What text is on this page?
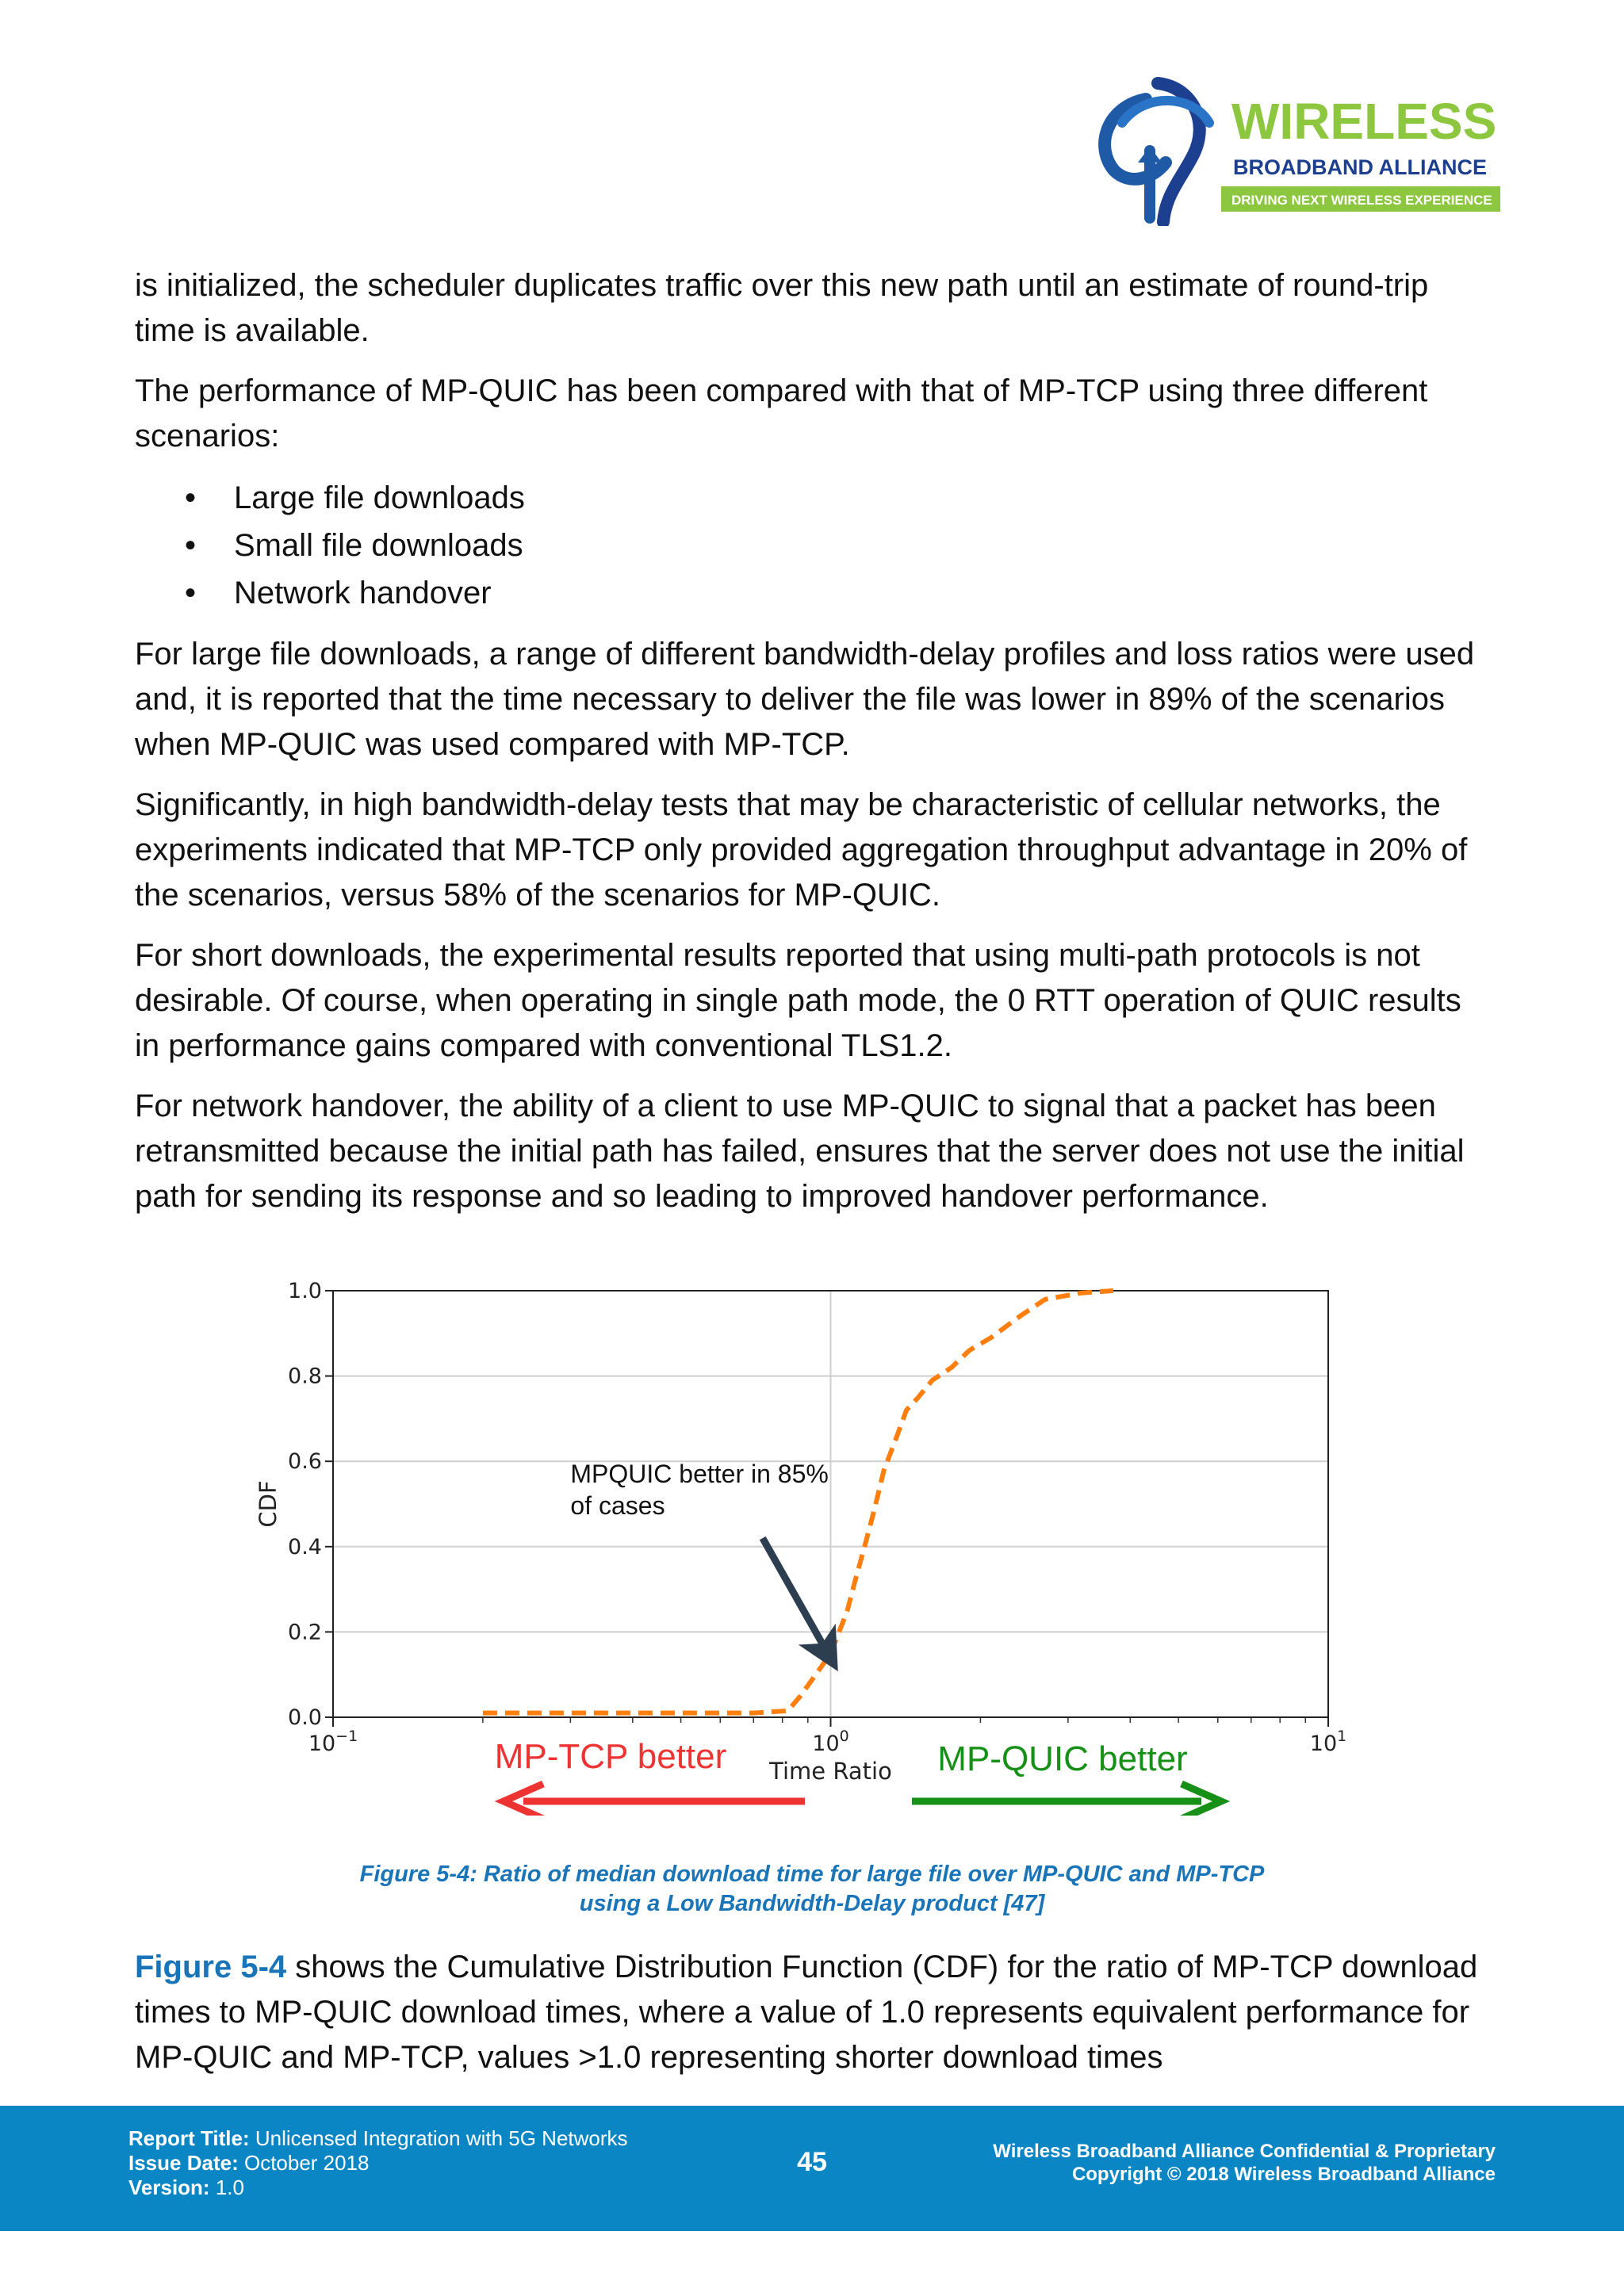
WIRELESS
BROADBAND ALLIANCE
DRIVING NEXT WIRELESS EXPERIENCE

is initialized, the scheduler duplicates traffic over this new path until an estimate of round-trip time is available.

The performance of MP-QUIC has been compared with that of MP-TCP using three different scenarios:

• Large file downloads
• Small file downloads
• Network handover

For large file downloads, a range of different bandwidth-delay profiles and loss ratios were used and, it is reported that the time necessary to deliver the file was lower in 89% of the scenarios when MP-QUIC was used compared with MP-TCP.

Significantly, in high bandwidth-delay tests that may be characteristic of cellular networks, the experiments indicated that MP-TCP only provided aggregation throughput advantage in 20% of the scenarios, versus 58% of the scenarios for MP-QUIC.

For short downloads, the experimental results reported that using multi-path protocols is not desirable. Of course, when operating in single path mode, the 0 RTT operation of QUIC results in performance gains compared with conventional TLS1.2.

For network handover, the ability of a client to use MP-QUIC to signal that a packet has been retransmitted because the initial path has failed, ensures that the server does not use the initial path for sending its response and so leading to improved handover performance.

0.0
0.2
0.4
0.6
0.8
1.0
$10^{-1}$	$10^0$	$10^1$
Time Ratio
CDF
MPQUIC better in 85%
of cases
MP-TCP better	MP-QUIC better
Figure 5-4: Ratio of median download time for large file over MP-QUIC and MP-TCP
using a Low Bandwidth-Delay product [47]

Figure 5-4 shows the Cumulative Distribution Function (CDF) for the ratio of MP-TCP download times to MP-QUIC download times, where a value of 1.0 represents equivalent performance for MP-QUIC and MP-TCP, values >1.0 representing shorter download times

Report Title: Unlicensed Integration with 5G Networks
Issue Date: October 2018
Version: 1.0
45	Wireless Broadband Alliance Confidential & Proprietary
Copyright © 2018 Wireless Broadband Alliance
